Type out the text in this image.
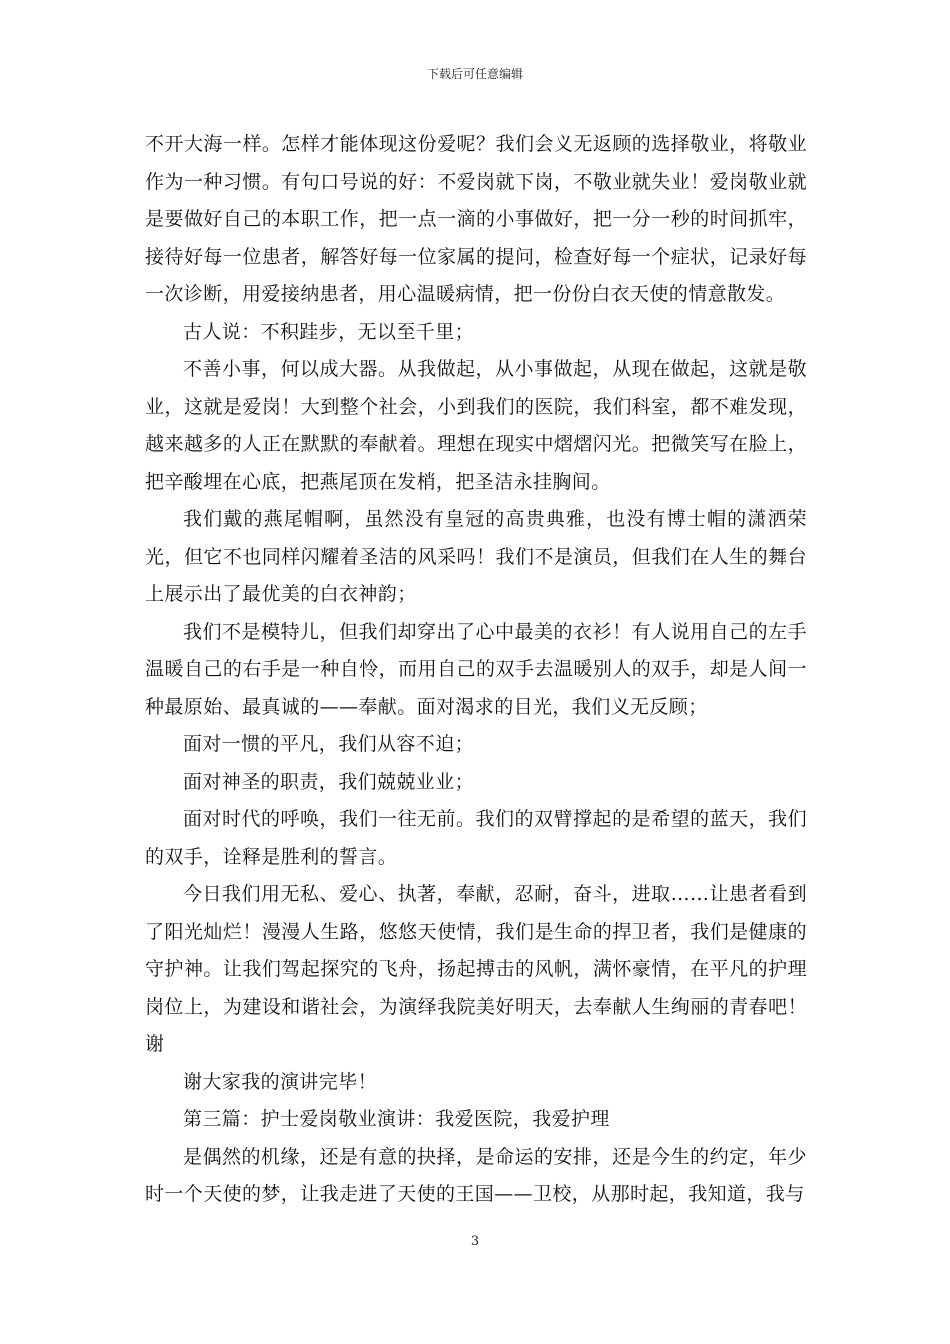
下载后可任意编辑

不开大海一样。怎样才能体现这份爱呢？我们会义无返顾的选择敬业，将敬业作为一种习惯。有句口号说的好：不爱岗就下岗，不敬业就失业！爱岗敬业就是要做好自己的本职工作，把一点一滴的小事做好，把一分一秒的时间抓牢，接待好每一位患者，解答好每一位家属的提问，检查好每一个症状，记录好每一次诊断，用爱接纳患者，用心温暖病情，把一份份白衣天使的情意散发。

古人说：不积跬步，无以至千里；

不善小事，何以成大器。从我做起，从小事做起，从现在做起，这就是敬业，这就是爱岗！大到整个社会，小到我们的医院，我们科室，都不难发现，越来越多的人正在默默的奉献着。理想在现实中熠熠闪光。把微笑写在脸上，把辛酸埋在心底，把燕尾顶在发梢，把圣洁永挂胸间。

我们戴的燕尾帽啊，虽然没有皇冠的高贵典雅，也没有博士帽的潇洒荣光，但它不也同样闪耀着圣洁的风采吗！我们不是演员，但我们在人生的舞台上展示出了最优美的白衣神韵；

我们不是模特儿，但我们却穿出了心中最美的衣衫！有人说用自己的左手温暖自己的右手是一种自怜，而用自己的双手去温暖别人的双手，却是人间一种最原始、最真诚的——奉献。面对渴求的目光，我们义无反顾；

面对一惯的平凡，我们从容不迫；

面对神圣的职责，我们兢兢业业；

面对时代的呼唤，我们一往无前。我们的双臂撑起的是希望的蓝天，我们的双手，诠释是胜利的誓言。

今日我们用无私、爱心、执著，奉献，忍耐，奋斗，进取……让患者看到了阳光灿烂！漫漫人生路，悠悠天使情，我们是生命的捍卫者，我们是健康的守护神。让我们驾起探究的飞舟，扬起搏击的风帆，满怀豪情，在平凡的护理岗位上，为建设和谐社会，为演绎我院美好明天，去奉献人生绚丽的青春吧！谢

谢大家我的演讲完毕！

第三篇：护士爱岗敬业演讲：我爱医院，我爱护理

是偶然的机缘，还是有意的抉择，是命运的安排，还是今生的约定，年少时一个天使的梦，让我走进了天使的王国——卫校，从那时起，我知道，我与

3
